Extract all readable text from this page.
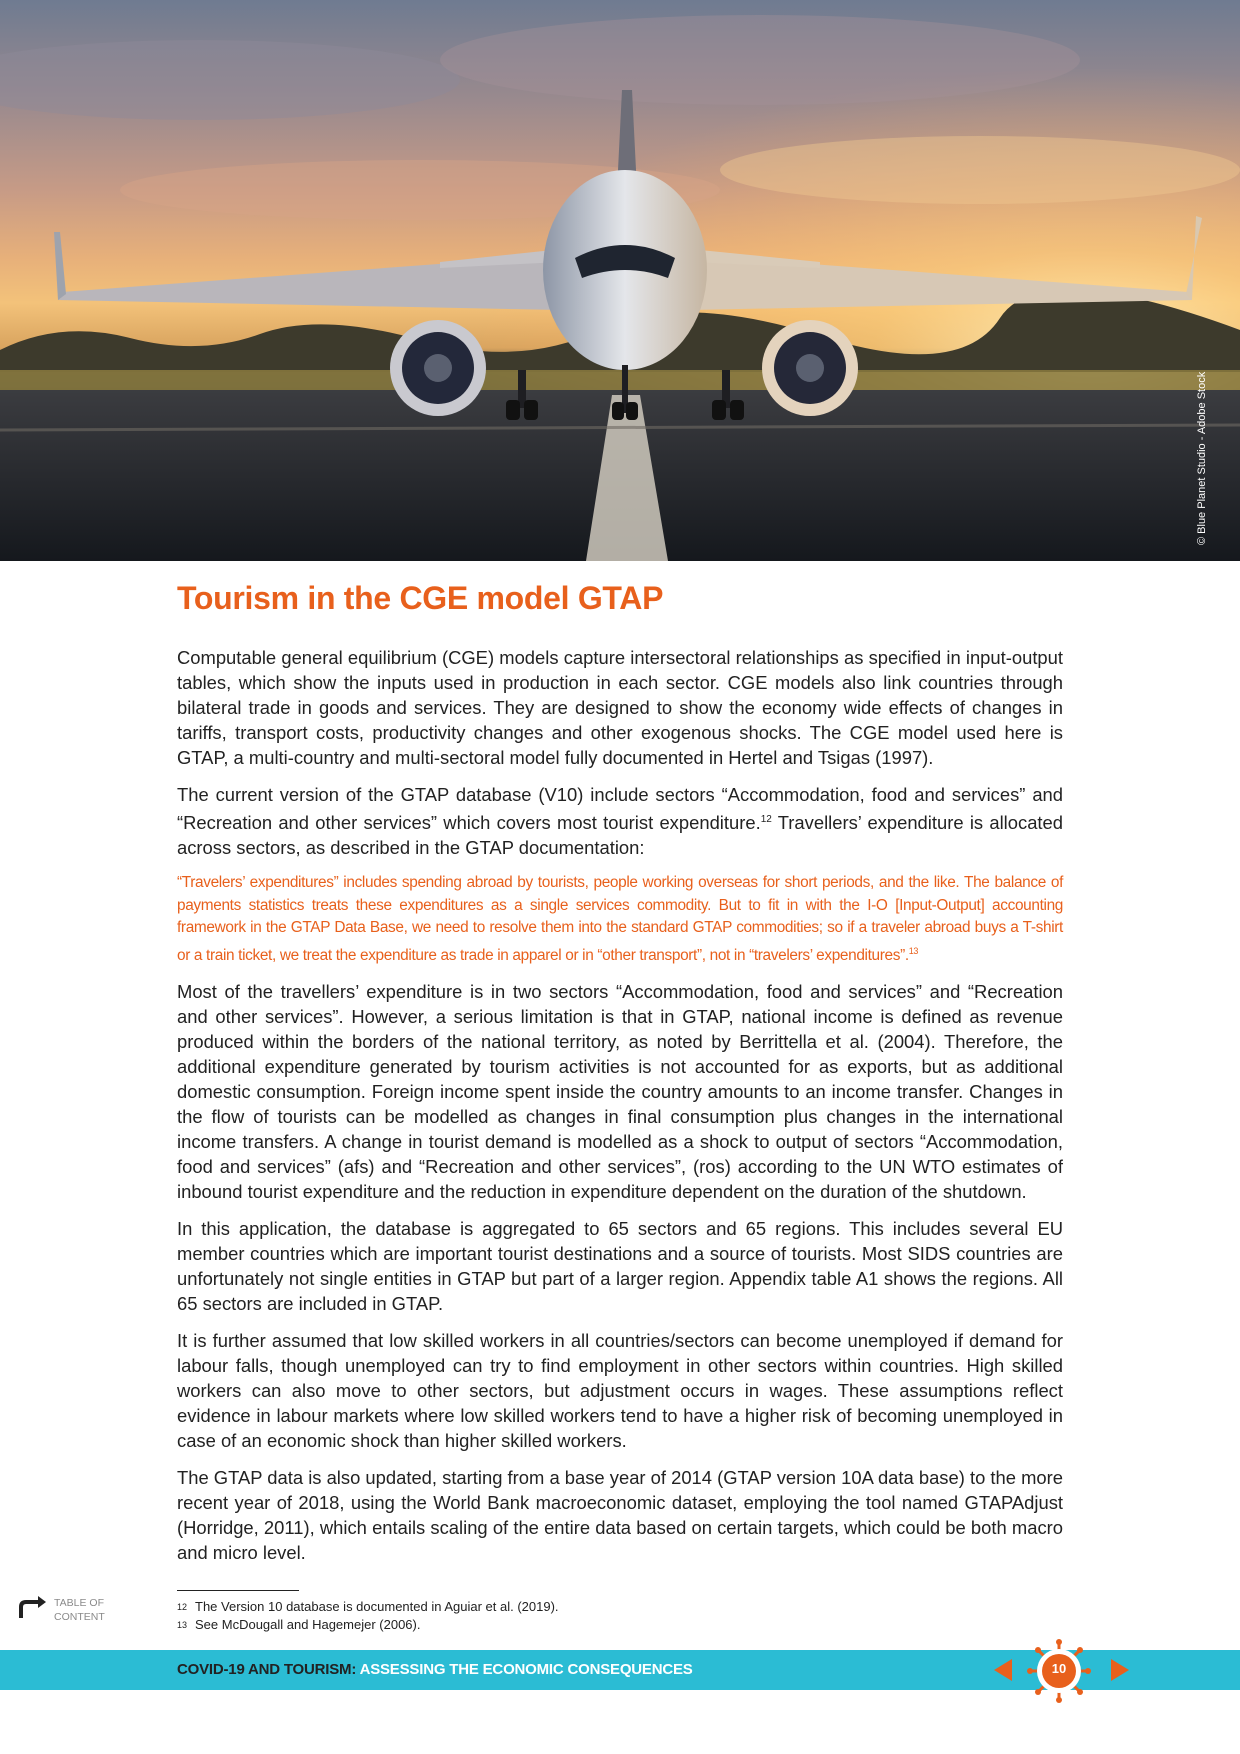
© Blue Planet Studio - Adobe Stock
Tourism in the CGE model GTAP

Computable general equilibrium (CGE) models capture intersectoral relationships as specified in input-output tables, which show the inputs used in production in each sector. CGE models also link countries through bilateral trade in goods and services. They are designed to show the economy wide effects of changes in tariffs, transport costs, productivity changes and other exogenous shocks. The CGE model used here is GTAP, a multi-country and multi-sectoral model fully documented in Hertel and Tsigas (1997).

The current version of the GTAP database (V10) include sectors “Accommodation, food and services” and “Recreation and other services” which covers most tourist expenditure.$^{12}$ Travellers’ expenditure is allocated across sectors, as described in the GTAP documentation:

“Travelers’ expenditures” includes spending abroad by tourists, people working overseas for short periods, and the like. The balance of payments statistics treats these expenditures as a single services commodity. But to fit in with the I-O [Input-Output] accounting framework in the GTAP Data Base, we need to resolve them into the standard GTAP commodities; so if a traveler abroad buys a T-shirt or a train ticket, we treat the expenditure as trade in apparel or in “other transport”, not in “travelers’ expenditures”.$^{13}$

Most of the travellers’ expenditure is in two sectors “Accommodation, food and services” and “Recreation and other services”. However, a serious limitation is that in GTAP, national income is defined as revenue produced within the borders of the national territory, as noted by Berrittella et al. (2004). Therefore, the additional expenditure generated by tourism activities is not accounted for as exports, but as additional domestic consumption. Foreign income spent inside the country amounts to an income transfer. Changes in the flow of tourists can be modelled as changes in final consumption plus changes in the international income transfers. A change in tourist demand is modelled as a shock to output of sectors “Accommodation, food and services” (afs) and “Recreation and other services”, (ros) according to the UN WTO estimates of inbound tourist expenditure and the reduction in expenditure dependent on the duration of the shutdown.

In this application, the database is aggregated to 65 sectors and 65 regions. This includes several EU member countries which are important tourist destinations and a source of tourists. Most SIDS countries are unfortunately not single entities in GTAP but part of a larger region. Appendix table A1 shows the regions. All 65 sectors are included in GTAP.

It is further assumed that low skilled workers in all countries/sectors can become unemployed if demand for labour falls, though unemployed can try to find employment in other sectors within countries. High skilled workers can also move to other sectors, but adjustment occurs in wages. These assumptions reflect evidence in labour markets where low skilled workers tend to have a higher risk of becoming unemployed in case of an economic shock than higher skilled workers.

The GTAP data is also updated, starting from a base year of 2014 (GTAP version 10A data base) to the more recent year of 2018, using the World Bank macroeconomic dataset, employing the tool named GTAPAdjust (Horridge, 2011), which entails scaling of the entire data based on certain targets, which could be both macro and micro level.

TABLE OF
CONTENT
$^{12}$ The Version 10 database is documented in Aguiar et al. (2019).
$^{13}$ See McDougall and Hagemejer (2006).
COVID-19 AND TOURISM: ASSESSING THE ECONOMIC CONSEQUENCES	10
